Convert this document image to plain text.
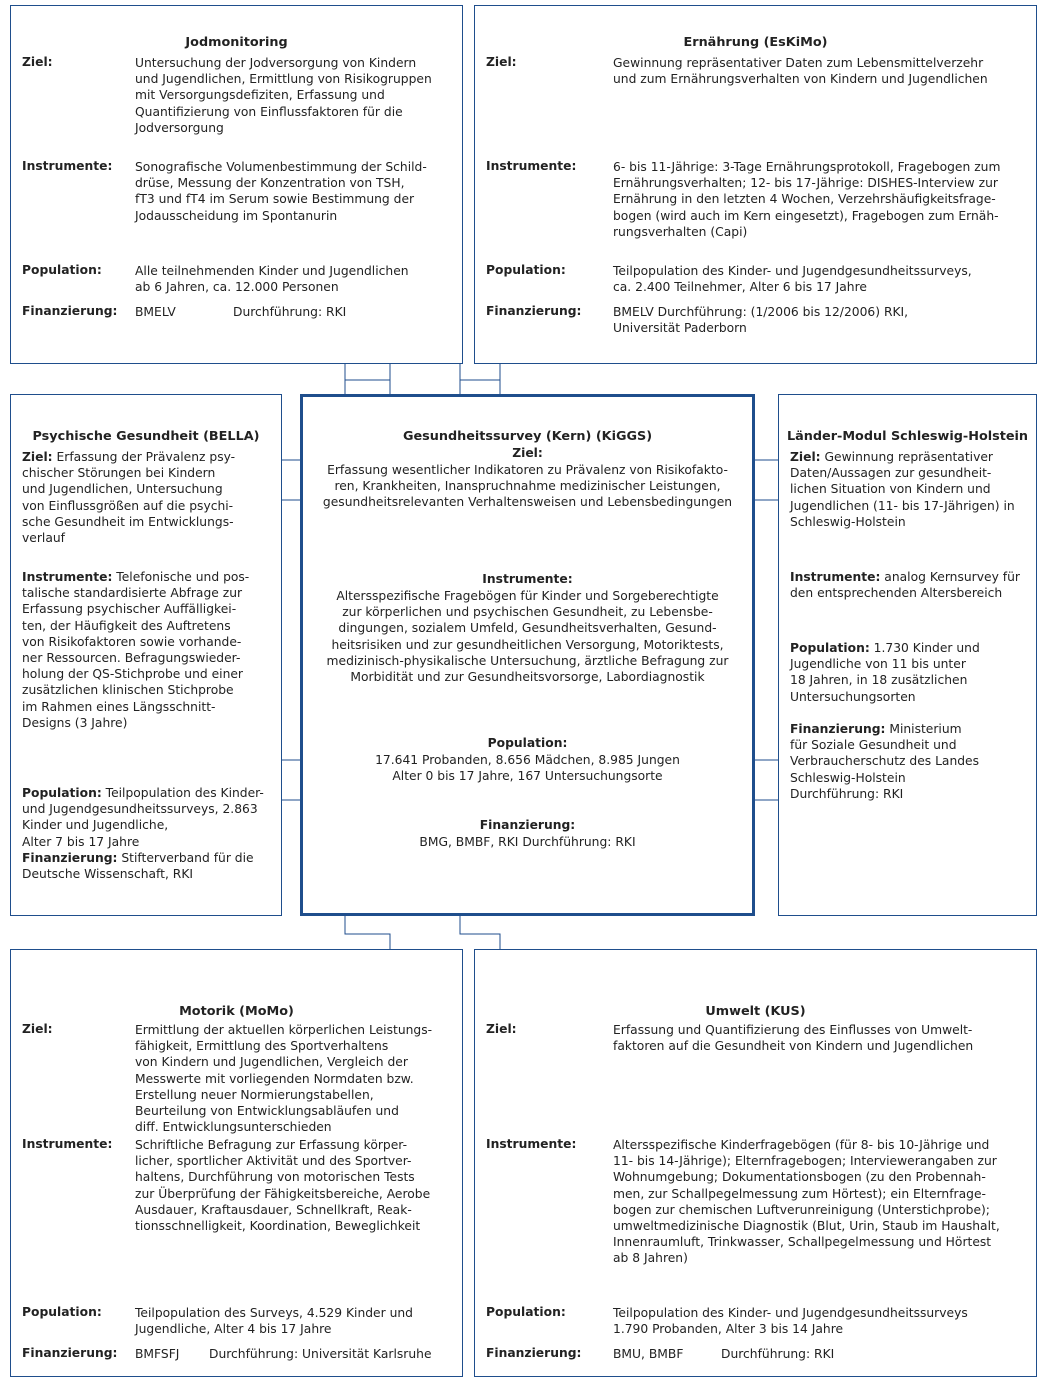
Jodmonitoring
Ziel:	Untersuchung der Jodversorgung von Kindern
und Jugendlichen, Ermittlung von Risikogruppen
mit Versorgungsdefiziten, Erfassung und
Quantifizierung von Einflussfaktoren für die
Jodversorgung
Instrumente: Sonografische Volumenbestimmung der Schild-
drüse, Messung der Konzentration von TSH,
fT3 und fT4 im Serum sowie Bestimmung der
Jodausscheidung im Spontanurin
Population:	Alle teilnehmenden Kinder und Jugendlichen
ab 6 Jahren, ca. 12.000 Personen
Finanzierung: BMELV	Durchführung: RKI
Ernährung (EsKiMo)
Ziel:	Gewinnung repräsentativer Daten zum Lebensmittelverzehr
und zum Ernährungsverhalten von Kindern und Jugendlichen
Instrumente:	6- bis 11-Jährige: 3-Tage Ernährungsprotokoll, Fragebogen zum
Ernährungsverhalten; 12- bis 17-Jährige: DISHES-Interview zur
Ernährung in den letzten 4 Wochen, Verzehrshäufigkeitsfrage-
bogen (wird auch im Kern eingesetzt), Fragebogen zum Ernäh-
rungsverhalten (Capi)
Population:	Teilpopulation des Kinder- und Jugendgesundheitssurveys,
ca. 2.400 Teilnehmer, Alter 6 bis 17 Jahre
Finanzierung:	BMELV Durchführung: (1/2006 bis 12/2006) RKI,
Universität Paderborn
Psychische Gesundheit (BELLA)
Ziel: Erfassung der Prävalenz psy-
chischer Störungen bei Kindern
und Jugendlichen, Untersuchung
von Einflussgrößen auf die psychi-
sche Gesundheit im Entwicklungs-
verlauf
Instrumente: Telefonische und pos-
talische standardisierte Abfrage zur
Erfassung psychischer Auffälligkei-
ten, der Häufigkeit des Auftretens
von Risikofaktoren sowie vorhande-
ner Ressourcen. Befragungswieder-
holung der QS-Stichprobe und einer
zusätzlichen klinischen Stichprobe
im Rahmen eines Längsschnitt-
Designs (3 Jahre)
Population: Teilpopulation des Kinder-
und Jugendgesundheitssurveys, 2.863
Kinder und Jugendliche,
Alter 7 bis 17 Jahre
Finanzierung: Stifterverband für die
Deutsche Wissenschaft, RKI
Gesundheitssurvey (Kern) (KiGGS)
Ziel:
Erfassung wesentlicher Indikatoren zu Prävalenz von Risikofakto-
ren, Krankheiten, Inanspruchnahme medizinischer Leistungen,
gesundheitsrelevanten Verhaltensweisen und Lebensbedingungen
Instrumente:
Altersspezifische Fragebögen für Kinder und Sorgeberechtigte
zur körperlichen und psychischen Gesundheit, zu Lebensbe-
dingungen, sozialem Umfeld, Gesundheitsverhalten, Gesund-
heitsrisiken und zur gesundheitlichen Versorgung, Motoriktests,
medizinisch-physikalische Untersuchung, ärztliche Befragung zur
Morbidität und zur Gesundheitsvorsorge, Labordiagnostik
Population:
17.641 Probanden, 8.656 Mädchen, 8.985 Jungen
Alter 0 bis 17 Jahre, 167 Untersuchungsorte
Finanzierung:
BMG, BMBF, RKI Durchführung: RKI
Länder-Modul Schleswig-Holstein
Ziel: Gewinnung repräsentativer
Daten/Aussagen zur gesundheit-
lichen Situation von Kindern und
Jugendlichen (11- bis 17-Jährigen) in
Schleswig-Holstein
Instrumente: analog Kernsurvey für
den entsprechenden Altersbereich
Population: 1.730 Kinder und
Jugendliche von 11 bis unter
18 Jahren, in 18 zusätzlichen
Untersuchungsorten
Finanzierung: Ministerium
für Soziale Gesundheit und
Verbraucherschutz des Landes
Schleswig-Holstein
Durchführung: RKI
Motorik (MoMo)
Ziel:	Ermittlung der aktuellen körperlichen Leistungs-
fähigkeit, Ermittlung des Sportverhaltens
von Kindern und Jugendlichen, Vergleich der
Messwerte mit vorliegenden Normdaten bzw.
Erstellung neuer Normierungstabellen,
Beurteilung von Entwicklungsabläufen und
diff. Entwicklungsunterschieden
Instrumente: Schriftliche Befragung zur Erfassung körper-
licher, sportlicher Aktivität und des Sportver-
haltens, Durchführung von motorischen Tests
zur Überprüfung der Fähigkeitsbereiche, Aerobe
Ausdauer, Kraftausdauer, Schnellkraft, Reak-
tionsschnelligkeit, Koordination, Beweglichkeit
Population:	Teilpopulation des Surveys, 4.529 Kinder und
Jugendliche, Alter 4 bis 17 Jahre
Finanzierung: BMFSFJ Durchführung: Universität Karlsruhe
Umwelt (KUS)
Ziel:	Erfassung und Quantifizierung des Einflusses von Umwelt-
faktoren auf die Gesundheit von Kindern und Jugendlichen
Instrumente:	Altersspezifische Kinderfragebögen (für 8- bis 10-Jährige und
11- bis 14-Jährige); Elternfragebogen; Interviewerangaben zur
Wohnumgebung; Dokumentationsbogen (zu den Probennah-
men, zur Schallpegelmessung zum Hörtest); ein Elternfrage-
bogen zur chemischen Luftverunreinigung (Unterstichprobe);
umweltmedizinische Diagnostik (Blut, Urin, Staub im Haushalt,
Innenraumluft, Trinkwasser, Schallpegelmessung und Hörtest
ab 8 Jahren)
Population:	Teilpopulation des Kinder- und Jugendgesundheitssurveys
1.790 Probanden, Alter 3 bis 14 Jahre
Finanzierung:	BMU, BMBF	Durchführung: RKI
